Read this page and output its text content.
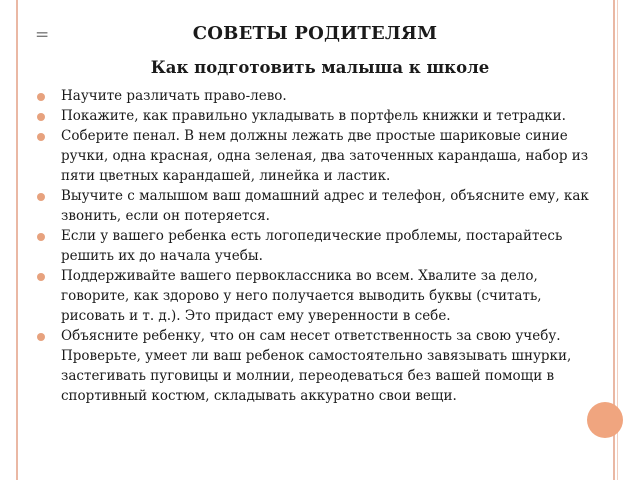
=	СОВЕТЫ РОДИТЕЛЯМ
Как подготовить малыша к школе
Научите различать право-лево.
Покажите, как правильно укладывать в портфель книжки и тетрадки.
Соберите пенал. В нем должны лежать две простые шариковые синие ручки, одна красная, одна зеленая, два заточенных карандаша, набор из пяти цветных карандашей, линейка и ластик.
Выучите с малышом ваш домашний адрес и телефон, объясните ему, как звонить, если он потеряется.
Если у вашего ребенка есть логопедические проблемы, постарайтесь решить их до начала учебы.
Поддерживайте вашего первоклассника во всем. Хвалите за дело, говорите, как здорово у него получается выводить буквы (считать, рисовать и т. д.). Это придаст ему уверенности в себе.
Объясните ребенку, что он сам несет ответственность за свою учебу. Проверьте, умеет ли ваш ребенок самостоятельно завязывать шнурки, застегивать пуговицы и молнии, переодеваться без вашей помощи в спортивный костюм, складывать аккуратно свои вещи.
